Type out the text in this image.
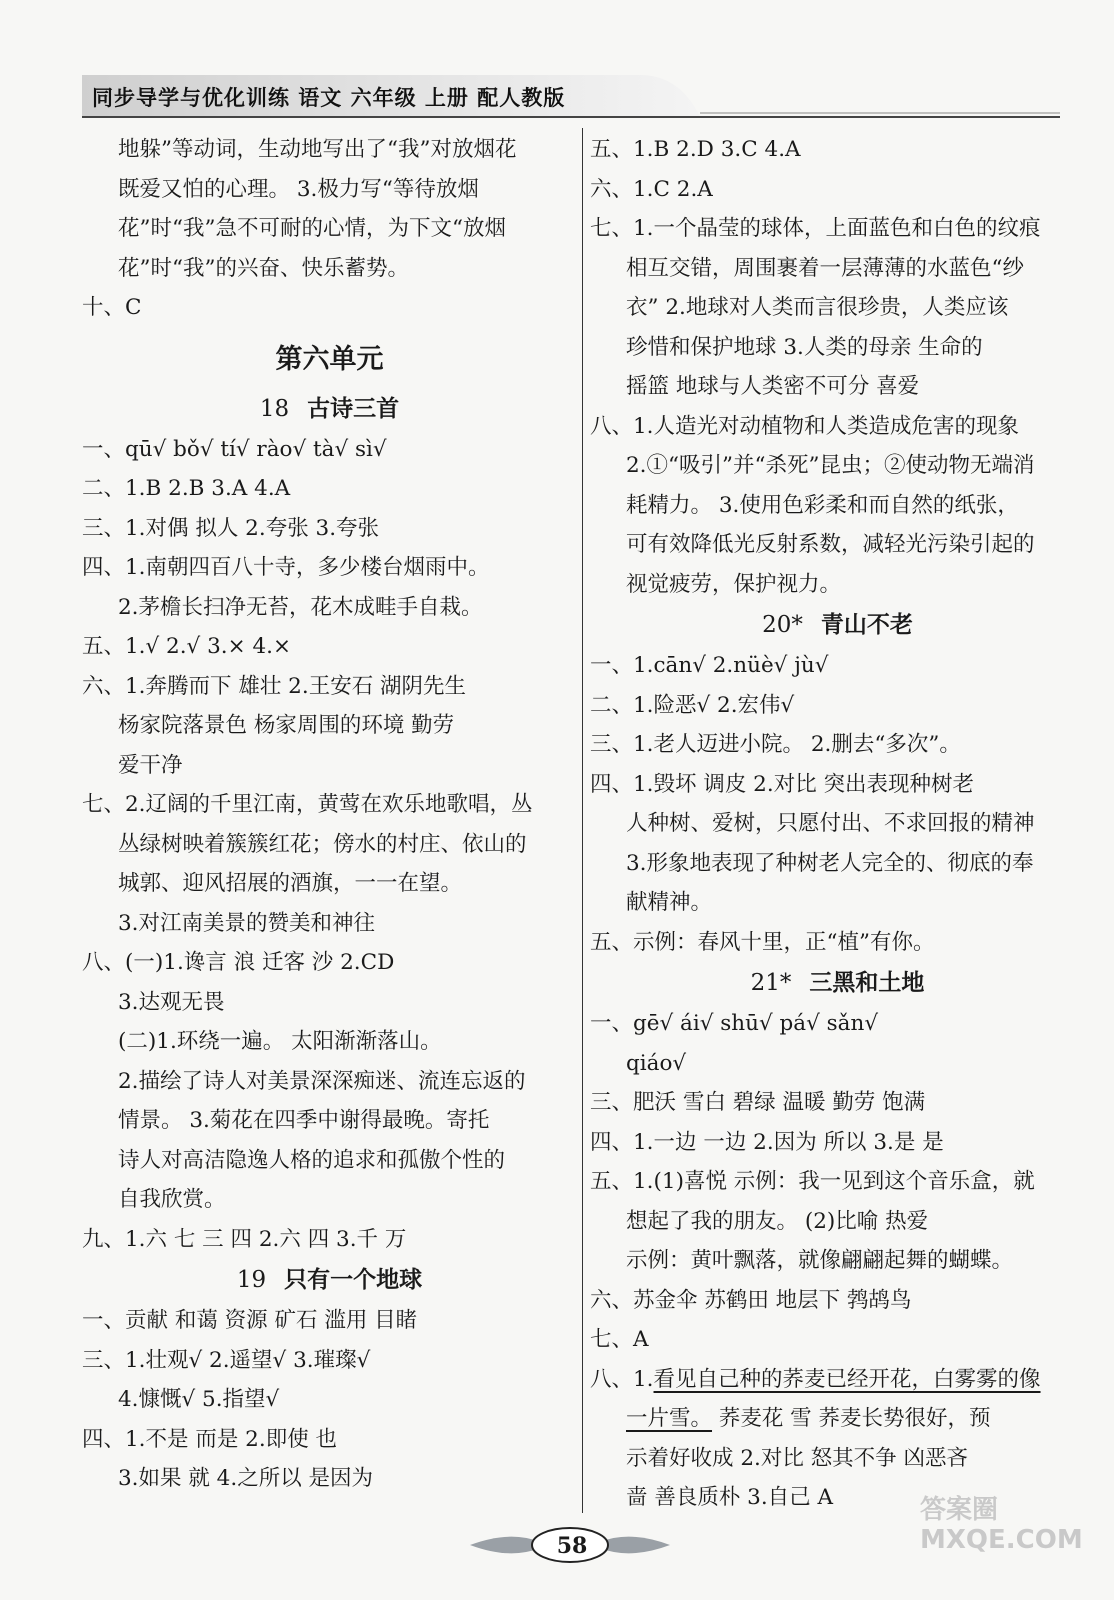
同步导学与优化训练 语文 六年级 上册 配人教版
地躲”等动词，生动地写出了“我”对放烟花
既爱又怕的心理。 3.极力写“等待放烟
花”时“我”急不可耐的心情，为下文“放烟
花”时“我”的兴奋、快乐蓄势。
十、C
第六单元
18 古诗三首
一、qū√ bǒ√ tí√ rào√ tà√ sì√
二、1.B 2.B 3.A 4.A
三、1.对偶 拟人 2.夸张 3.夸张
四、1.南朝四百八十寺，多少楼台烟雨中。
2.茅檐长扫净无苔，花木成畦手自栽。
五、1.√ 2.√ 3.× 4.×
六、1.奔腾而下 雄壮 2.王安石 湖阴先生
杨家院落景色 杨家周围的环境 勤劳
爱干净
七、2.辽阔的千里江南，黄莺在欢乐地歌唱，丛
丛绿树映着簇簇红花；傍水的村庄、依山的
城郭、迎风招展的酒旗，一一在望。
3.对江南美景的赞美和神往
八、(一)1.谗言 浪 迁客 沙 2.CD
3.达观无畏
(二)1.环绕一遍。 太阳渐渐落山。
2.描绘了诗人对美景深深痴迷、流连忘返的
情景。 3.菊花在四季中谢得最晚。寄托
诗人对高洁隐逸人格的追求和孤傲个性的
自我欣赏。
九、1.六 七 三 四 2.六 四 3.千 万
19 只有一个地球
一、贡献 和蔼 资源 矿石 滥用 目睹
三、1.壮观√ 2.遥望√ 3.璀璨√
4.慷慨√ 5.指望√
四、1.不是 而是 2.即使 也
3.如果 就 4.之所以 是因为
五、1.B 2.D 3.C 4.A
六、1.C 2.A
七、1.一个晶莹的球体，上面蓝色和白色的纹痕
相互交错，周围裹着一层薄薄的水蓝色“纱
衣” 2.地球对人类而言很珍贵，人类应该
珍惜和保护地球 3.人类的母亲 生命的
摇篮 地球与人类密不可分 喜爱
八、1.人造光对动植物和人类造成危害的现象
2.①“吸引”并“杀死”昆虫；②使动物无端消
耗精力。 3.使用色彩柔和而自然的纸张，
可有效降低光反射系数，减轻光污染引起的
视觉疲劳，保护视力。
20* 青山不老
一、1.cān√ 2.nüè√ jù√
二、1.险恶√ 2.宏伟√
三、1.老人迈进小院。 2.删去“多次”。
四、1.毁坏 调皮 2.对比 突出表现种树老
人种树、爱树，只愿付出、不求回报的精神
3.形象地表现了种树老人完全的、彻底的奉
献精神。
五、示例：春风十里，正“植”有你。
21* 三黑和土地
一、gē√ ái√ shū√ pá√ sǎn√
qiáo√
三、肥沃 雪白 碧绿 温暖 勤劳 饱满
四、1.一边 一边 2.因为 所以 3.是 是
五、1.(1)喜悦 示例：我一见到这个音乐盒，就
想起了我的朋友。 (2)比喻 热爱
示例：黄叶飘落，就像翩翩起舞的蝴蝶。
六、苏金伞 苏鹤田 地层下 鹁鸪鸟
七、A
八、1.看见自己种的荞麦已经开花，白雾雾的像
一片雪。 荞麦花 雪 荞麦长势很好，预
示着好收成 2.对比 怒其不争 凶恶吝
啬 善良质朴 3.自己 A
58
答案圈
MXQE.COM
